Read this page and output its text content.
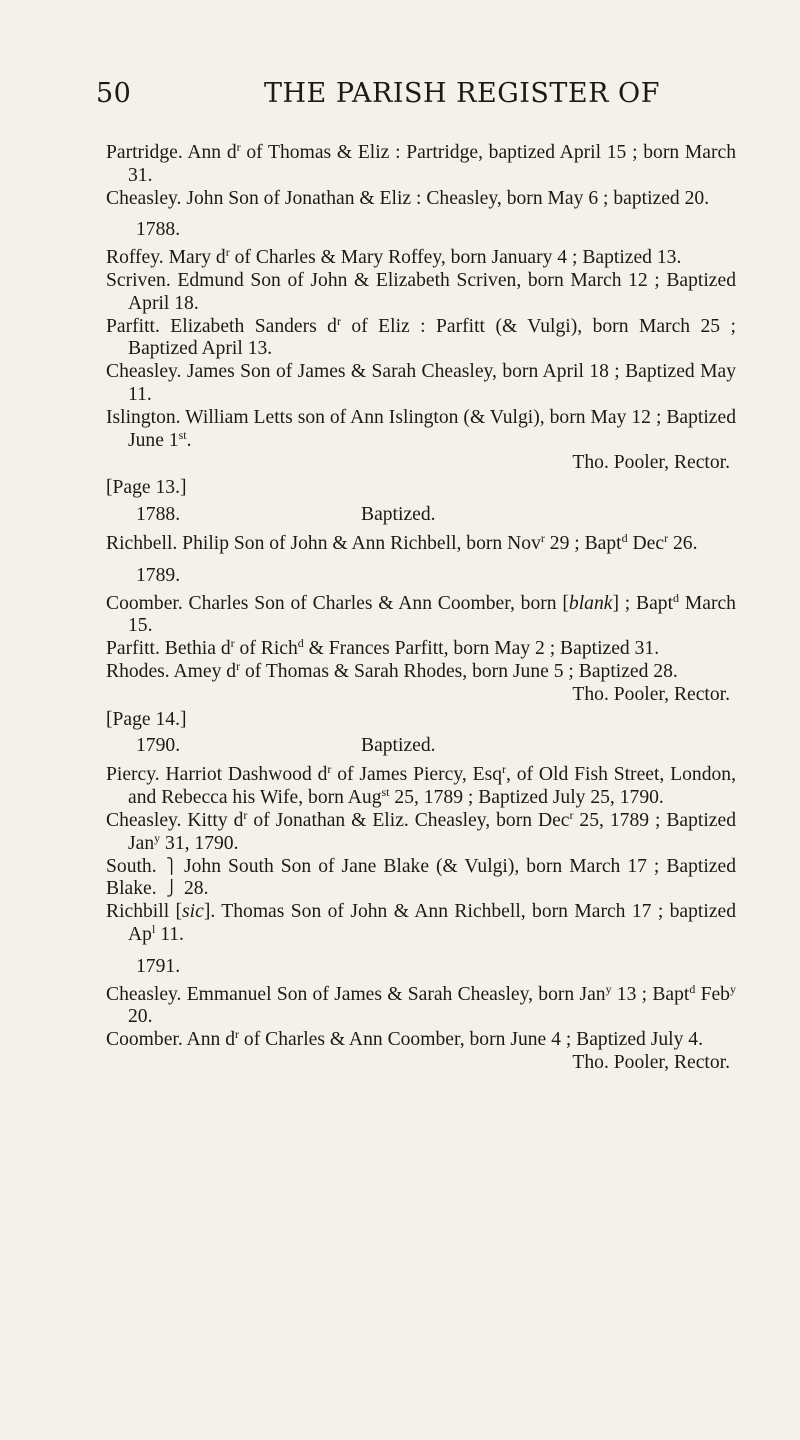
50	THE PARISH REGISTER OF
Partridge. Ann $d^r$ of Thomas & Eliz : Partridge, baptized April 15 ; born March 31.
Cheasley. John Son of Jonathan & Eliz : Cheasley, born May 6 ; baptized 20.
1788.
Roffey. Mary $d^r$ of Charles & Mary Roffey, born January 4 ; Baptized 13.
Scriven. Edmund Son of John & Elizabeth Scriven, born March 12 ; Baptized April 18.
Parfitt. Elizabeth Sanders $d^r$ of Eliz : Parfitt (& Vulgi), born March 25 ; Baptized April 13.
Cheasley. James Son of James & Sarah Cheasley, born April 18 ; Baptized May 11.
Islington. William Letts son of Ann Islington (& Vulgi), born May 12 ; Baptized June 1st.
Tho. Pooler, Rector.
[Page 13.]
1788.	Baptized.
Richbell. Philip Son of John & Ann Richbell, born Nov$^r$ 29 ; Bapt$^d$ Dec$^r$ 26.
1789.
Coomber. Charles Son of Charles & Ann Coomber, born [blank] ; Bapt$^d$ March 15.
Parfitt. Bethia $d^r$ of Rich$^d$ & Frances Parfitt, born May 2 ; Baptized 31.
Rhodes. Amey $d^r$ of Thomas & Sarah Rhodes, born June 5 ; Baptized 28.
Tho. Pooler, Rector.
[Page 14.]
1790.	Baptized.
Piercy. Harriot Dashwood $d^r$ of James Piercy, Esq$^r$, of Old Fish Street, London, and Rebecca his Wife, born Aug$^{st}$ 25, 1789 ; Baptized July 25, 1790.
Cheasley. Kitty $d^r$ of Jonathan & Eliz. Cheasley, born Dec$^r$ 25, 1789 ; Baptized Jan$^y$ 31, 1790.
South.
Blake.
⎫
⎭
John South Son of Jane Blake (& Vulgi), born March 17 ; Baptized 28.
Richbill [sic]. Thomas Son of John & Ann Richbell, born March 17 ; baptized Ap$^l$ 11.
1791.
Cheasley. Emmanuel Son of James & Sarah Cheasley, born Jan$^y$ 13 ; Bapt$^d$ Feb$^y$ 20.
Coomber. Ann $d^r$ of Charles & Ann Coomber, born June 4 ; Baptized July 4.
Tho. Pooler, Rector.
